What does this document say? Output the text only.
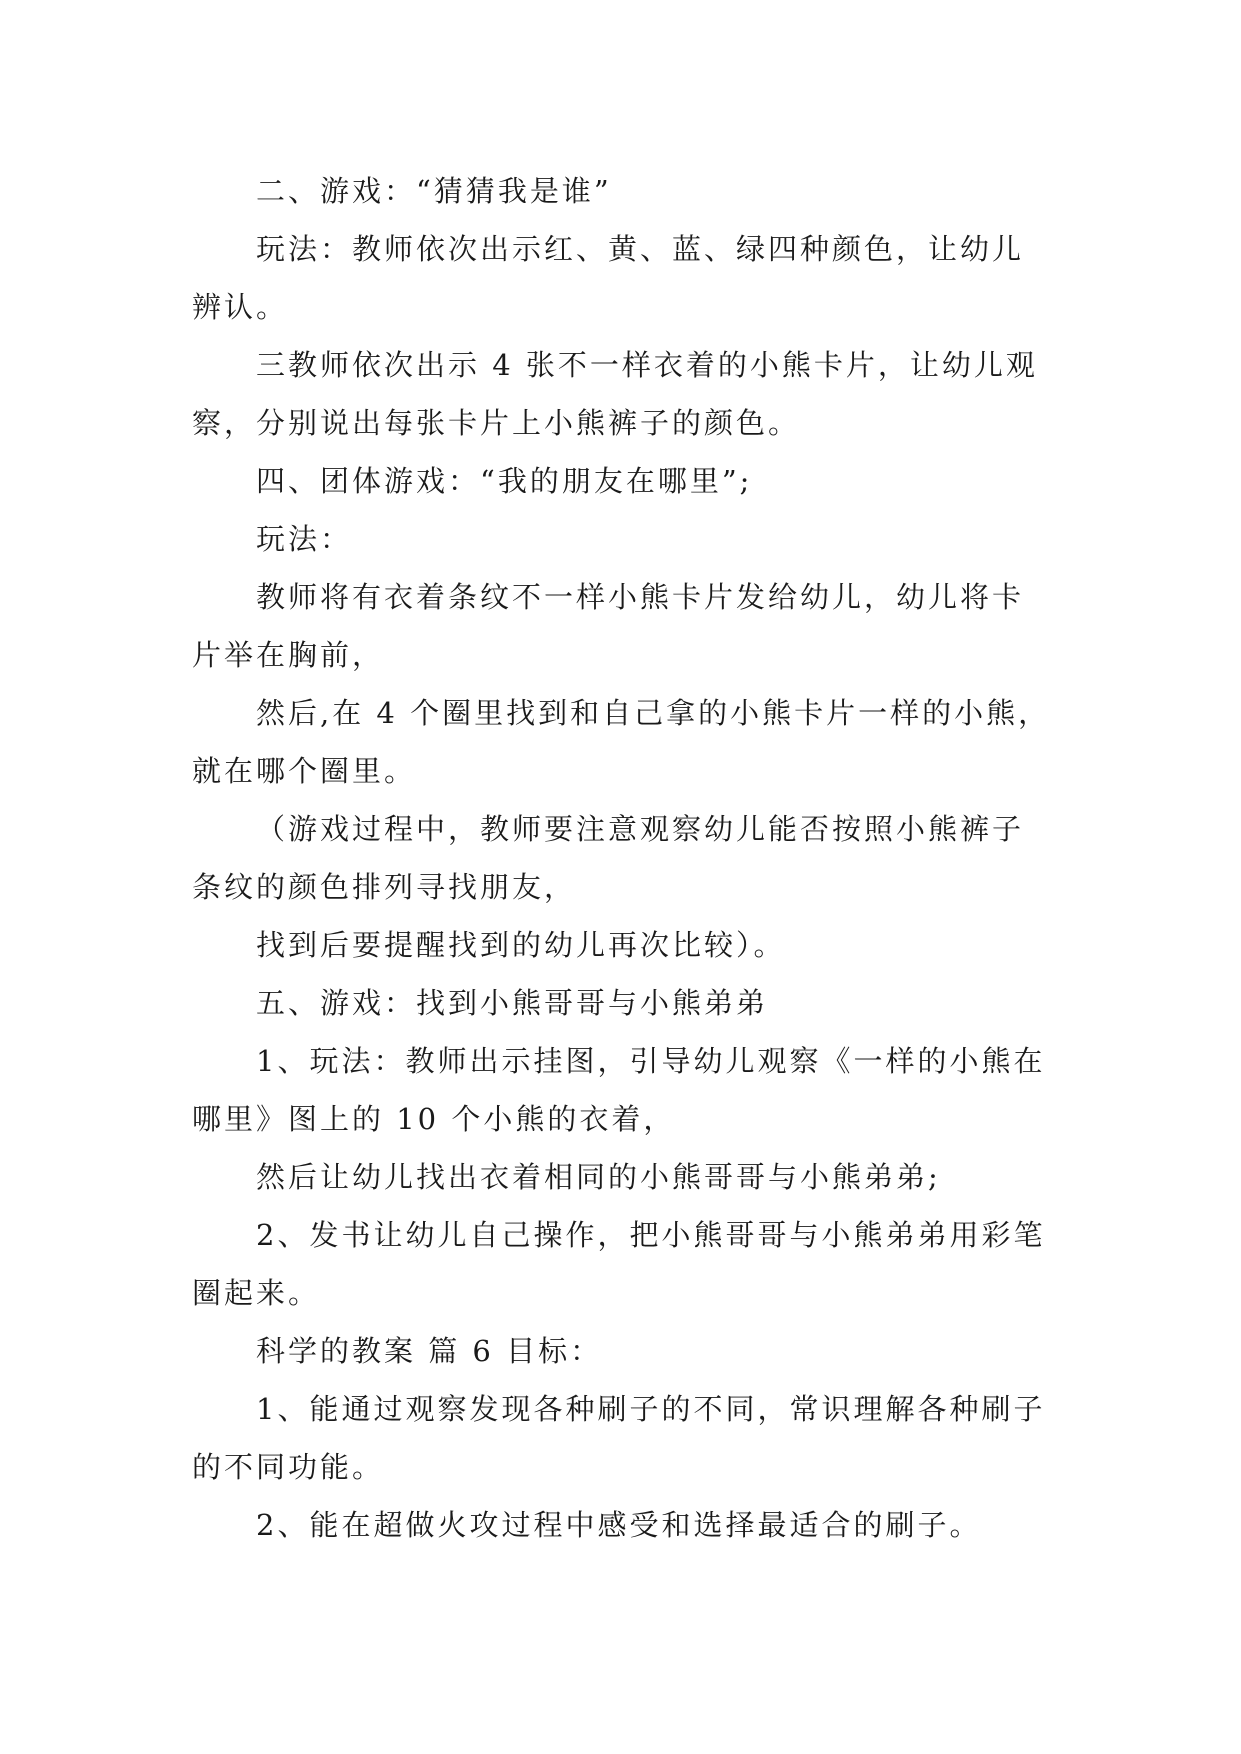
二、游戏：“猜猜我是谁”

玩法：教师依次出示红、黄、蓝、绿四种颜色，让幼儿辨认。

三教师依次出示 4 张不一样衣着的小熊卡片，让幼儿观察，分别说出每张卡片上小熊裤子的颜色。

四、团体游戏：“我的朋友在哪里”;

玩法：

教师将有衣着条纹不一样小熊卡片发给幼儿，幼儿将卡片举在胸前，

然后,在 4 个圈里找到和自己拿的小熊卡片一样的小熊，就在哪个圈里。

（游戏过程中，教师要注意观察幼儿能否按照小熊裤子条纹的颜色排列寻找朋友，

找到后要提醒找到的幼儿再次比较）。

五、游戏：找到小熊哥哥与小熊弟弟

1、玩法：教师出示挂图，引导幼儿观察《一样的小熊在哪里》图上的 10 个小熊的衣着，

然后让幼儿找出衣着相同的小熊哥哥与小熊弟弟;

2、发书让幼儿自己操作，把小熊哥哥与小熊弟弟用彩笔圈起来。

科学的教案 篇 6 目标：

1、能通过观察发现各种刷子的不同，常识理解各种刷子的不同功能。

2、能在超做火攻过程中感受和选择最适合的刷子。
